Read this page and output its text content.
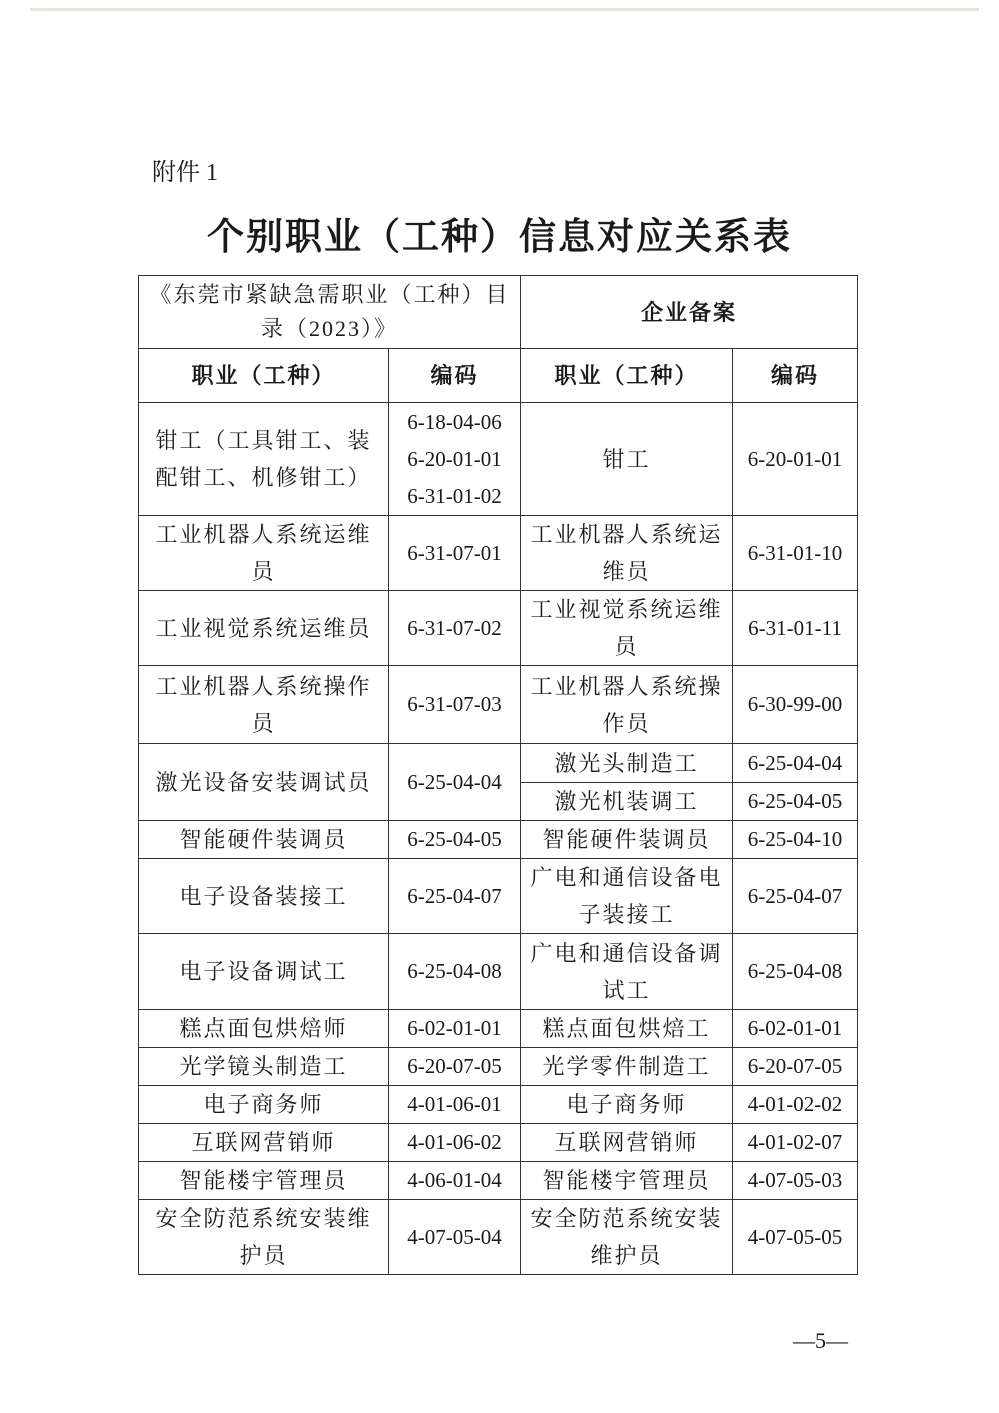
附件 1
个别职业（工种）信息对应关系表
《东莞市紧缺急需职业（工种）目录（2023）》		企业备案	
职业（工种）	编码	职业（工种）	编码
钳工（工具钳工、装配钳工、机修钳工）	6-18-04-06 6-20-01-01 6-31-01-02	钳工	6-20-01-01
工业机器人系统运维员	6-31-07-01	工业机器人系统运维员	6-31-01-10
工业视觉系统运维员	6-31-07-02	工业视觉系统运维员	6-31-01-11
工业机器人系统操作员	6-31-07-03	工业机器人系统操作员	6-30-99-00
激光设备安装调试员	6-25-04-04	激光头制造工	6-25-04-04
		激光机装调工	6-25-04-05
智能硬件装调员	6-25-04-05	智能硬件装调员	6-25-04-10
电子设备装接工	6-25-04-07	广电和通信设备电子装接工	6-25-04-07
电子设备调试工	6-25-04-08	广电和通信设备调试工	6-25-04-08
糕点面包烘焙师	6-02-01-01	糕点面包烘焙工	6-02-01-01
光学镜头制造工	6-20-07-05	光学零件制造工	6-20-07-05
电子商务师	4-01-06-01	电子商务师	4-01-02-02
互联网营销师	4-01-06-02	互联网营销师	4-01-02-07
智能楼宇管理员	4-06-01-04	智能楼宇管理员	4-07-05-03
安全防范系统安装维护员	4-07-05-04	安全防范系统安装维护员	4-07-05-05
—5—
